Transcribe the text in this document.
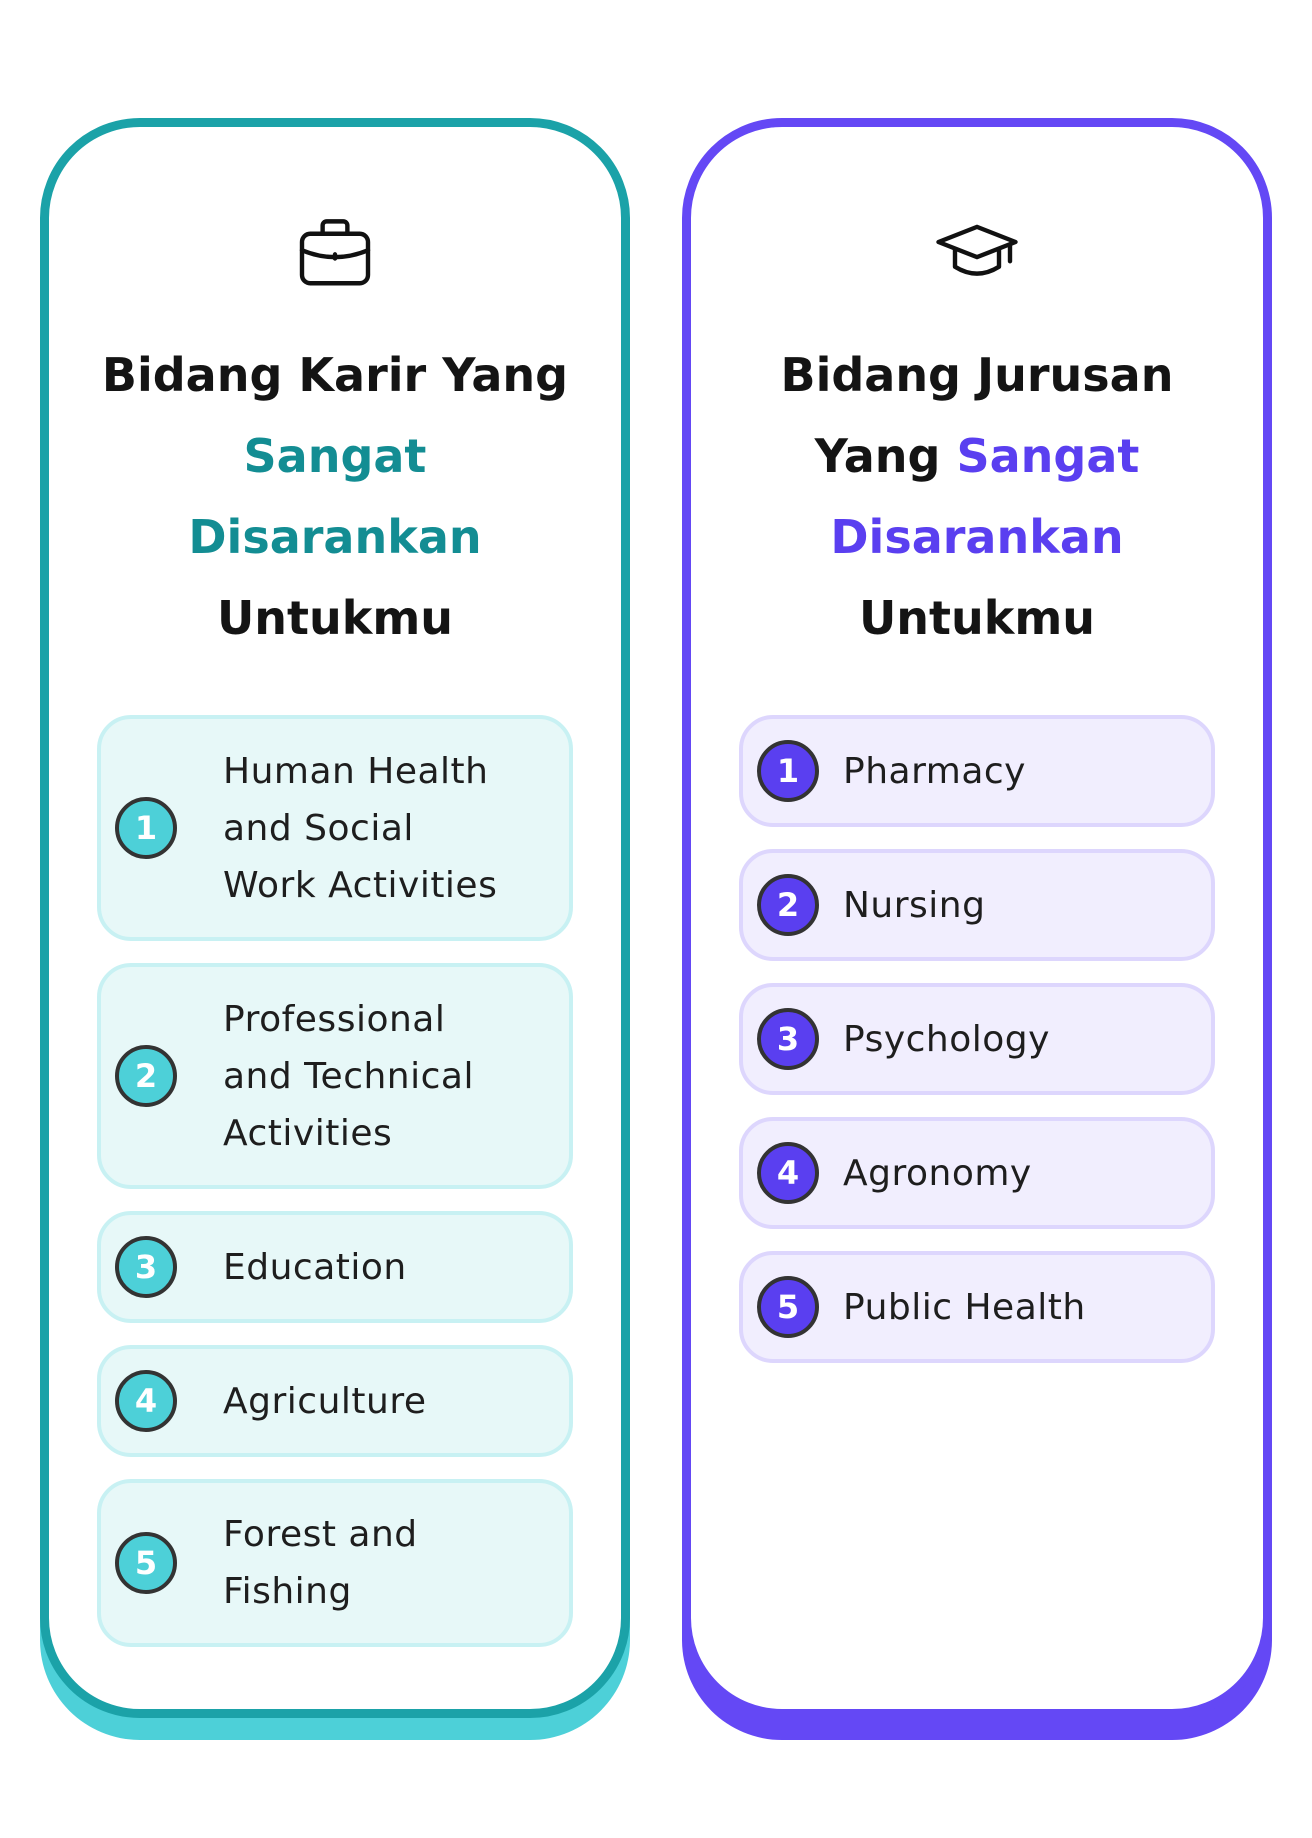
Bidang Karir Yang
Sangat Disarankan
Untukmu
1
Human Health
and Social
Work Activities
2
Professional
and Technical
Activities
3	Education
4	Agriculture
5
Forest and
Fishing
Bidang Jurusan
Yang Sangat
Disarankan
Untukmu
1	Pharmacy
2	Nursing
3	Psychology
4	Agronomy
5	Public Health
